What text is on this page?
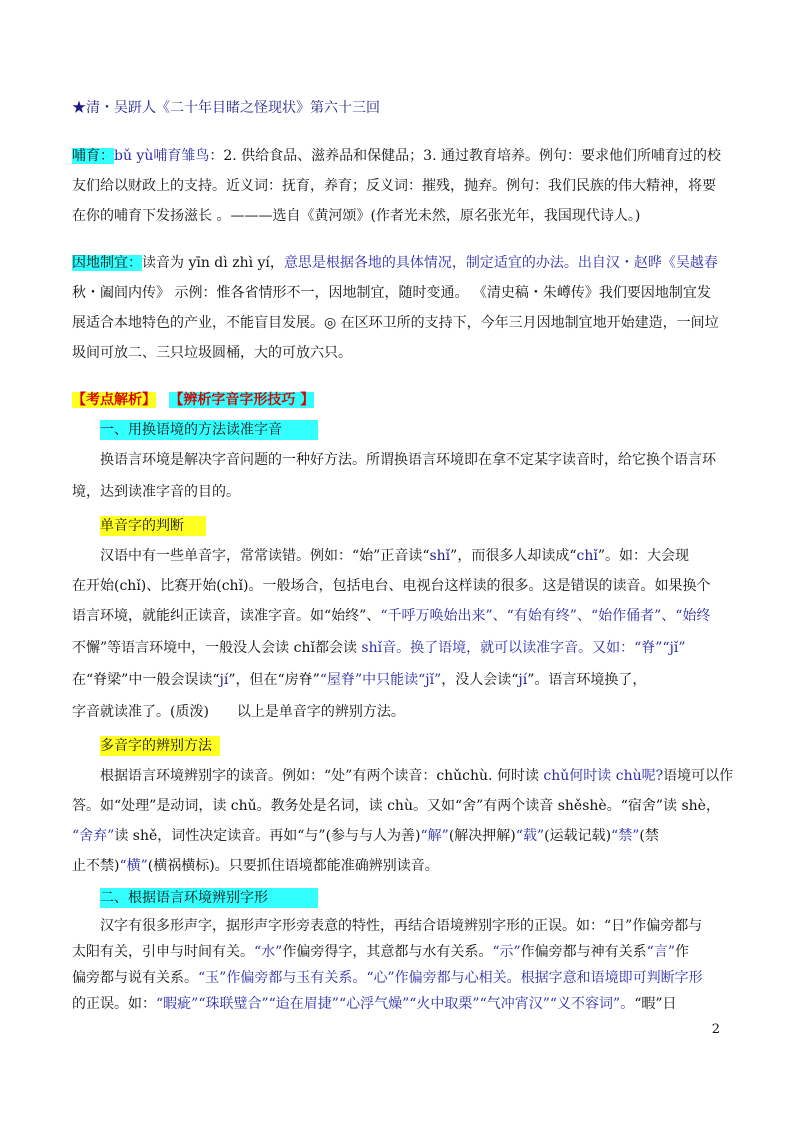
★清・吴趼人《二十年目睹之怪现状》第六十三回
哺育：bǔ yù哺育雏鸟：2. 供给食品、滋养品和保健品；3. 通过教育培养。例句：要求他们所哺育过的校
友们给以财政上的支持。近义词：抚育，养育；反义词：摧残，抛弃。例句：我们民族的伟大精神，将要
在你的哺育下发扬滋长 。———选自《黄河颂》(作者光未然，原名张光年，我国现代诗人。)
因地制宜：读音为 yīn dì zhì yí，意思是根据各地的具体情况，制定适宜的办法。出自汉・赵晔《吴越春
秋・阖闾内传》 示例：惟各省情形不一，因地制宜，随时变通。 《清史稿・朱嶟传》我们要因地制宜发
展适合本地特色的产业，不能盲目发展。◎ 在区环卫所的支持下，今年三月因地制宜地开始建造，一间垃
圾间可放二、三只垃圾圆桶，大的可放六只。
【考点解析】 【辨析字音字形技巧 】
一、用换语境的方法读准字音
换语言环境是解决字音问题的一种好方法。所谓换语言环境即在拿不定某字读音时，给它换个语言环
境，达到读准字音的目的。
单音字的判断
汉语中有一些单音字，常常读错。例如：“始”正音读“shǐ”，而很多人却读成“chǐ”。如：大会现
在开始(chǐ)、比赛开始(chǐ)。一般场合，包括电台、电视台这样读的很多。这是错误的读音。如果换个
语言环境，就能纠正读音，读准字音。如“始终”、“千呼万唤始出来”、“有始有终”、“始作俑者”、“始终
不懈”等语言环境中，一般没人会读 chǐ都会读 shǐ音。换了语境，就可以读准字音。又如：“脊”“jǐ”
在“脊梁”中一般会误读“jí”，但在“房脊”“屋脊”中只能读“jǐ”，没人会读“jí”。语言环境换了，
字音就读准了。(质泼)　　以上是单音字的辨别方法。
多音字的辨别方法
根据语言环境辨别字的读音。例如：“处”有两个读音：chǔchù. 何时读 chǔ何时读 chù呢?语境可以作
答。如“处理”是动词，读 chǔ。教务处是名词，读 chù。又如“舍”有两个读音 shěshè。“宿舍”读 shè，
“舍弃”读 shě，词性决定读音。再如“与”(参与与人为善)“解”(解决押解)“载”(运载记载)“禁”(禁
止不禁)“横”(横祸横标)。只要抓住语境都能准确辨别读音。
二、根据语言环境辨别字形
汉字有很多形声字，据形声字形旁表意的特性，再结合语境辨别字形的正误。如：“日”作偏旁都与
太阳有关，引申与时间有关。“水”作偏旁得字，其意都与水有关系。“示”作偏旁都与神有关系“言”作
偏旁都与说有关系。“玉”作偏旁都与玉有关系。“心”作偏旁都与心相关。根据字意和语境即可判断字形
的正误。如：“暇疵”“珠联璧合”“迨在眉捷”“心浮气燥”“火中取栗”“气冲宵汉”“义不容词”。“暇”日
2
